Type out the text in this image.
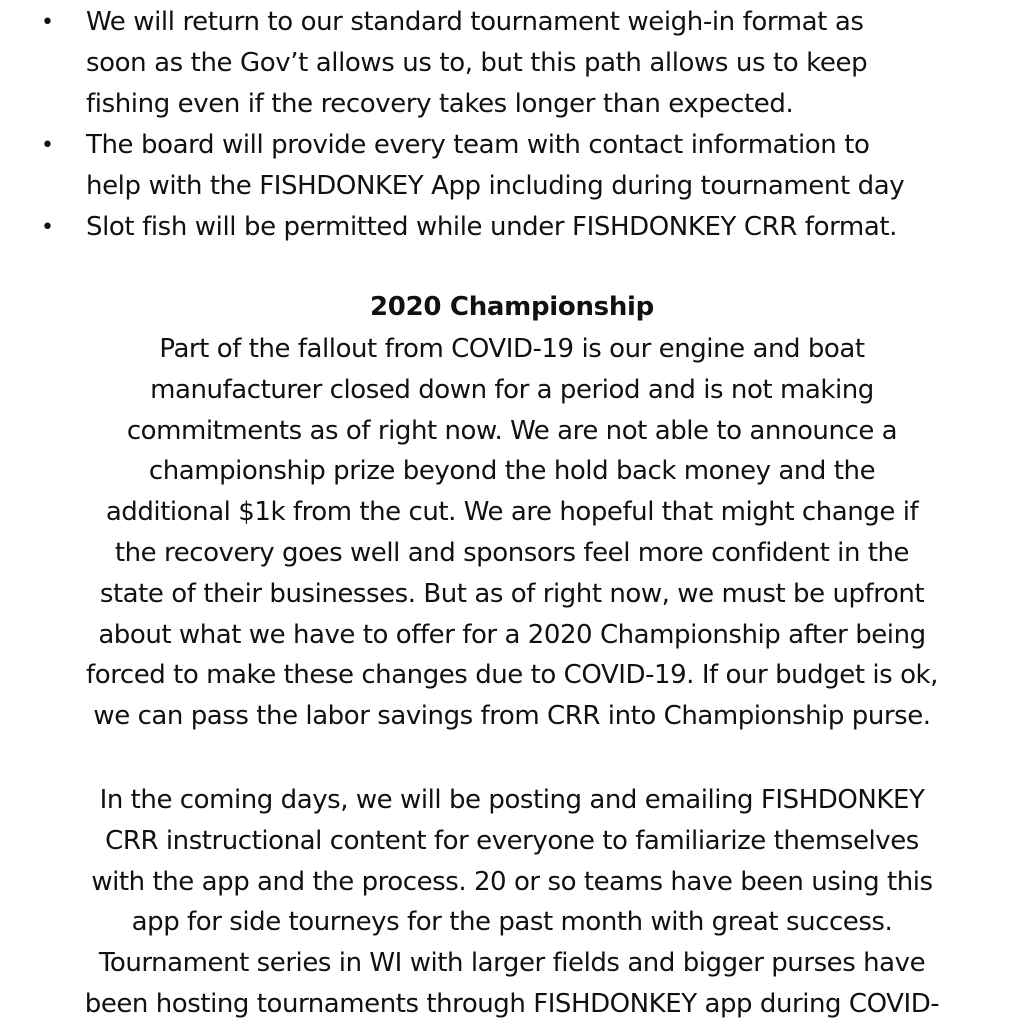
• We will return to our standard tournament weigh-in format as
soon as the Gov’t allows us to, but this path allows us to keep
fishing even if the recovery takes longer than expected.
• The board will provide every team with contact information to
help with the FISHDONKEY App including during tournament day
• Slot fish will be permitted while under FISHDONKEY CRR format.
2020 Championship
Part of the fallout from COVID-19 is our engine and boat
manufacturer closed down for a period and is not making
commitments as of right now. We are not able to announce a
championship prize beyond the hold back money and the
additional $1k from the cut. We are hopeful that might change if
the recovery goes well and sponsors feel more confident in the
state of their businesses. But as of right now, we must be upfront
about what we have to offer for a 2020 Championship after being
forced to make these changes due to COVID-19. If our budget is ok,
we can pass the labor savings from CRR into Championship purse.
In the coming days, we will be posting and emailing FISHDONKEY
CRR instructional content for everyone to familiarize themselves
with the app and the process. 20 or so teams have been using this
app for side tourneys for the past month with great success.
Tournament series in WI with larger fields and bigger purses have
been hosting tournaments through FISHDONKEY app during COVID-
